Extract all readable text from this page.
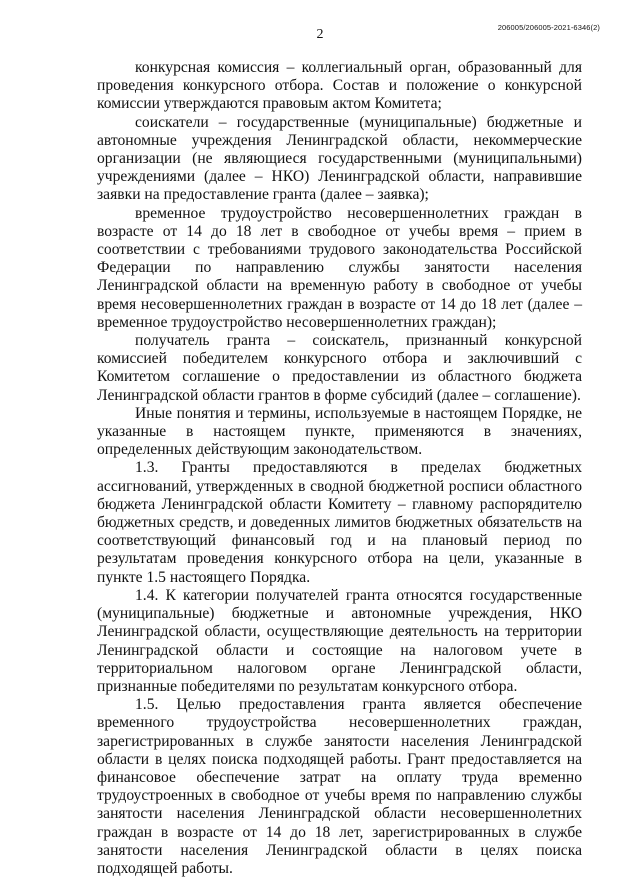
2	206005/206005-2021-6346(2)

конкурсная комиссия – коллегиальный орган, образованный для проведения конкурсного отбора. Состав и положение о конкурсной комиссии утверждаются правовым актом Комитета;

соискатели – государственные (муниципальные) бюджетные и автономные учреждения Ленинградской области, некоммерческие организации (не являющиеся государственными (муниципальными) учреждениями (далее – НКО) Ленинградской области, направившие заявки на предоставление гранта (далее – заявка);

временное трудоустройство несовершеннолетних граждан в возрасте от 14 до 18 лет в свободное от учебы время – прием в соответствии с требованиями трудового законодательства Российской Федерации по направлению службы занятости населения Ленинградской области на временную работу в свободное от учебы время несовершеннолетних граждан в возрасте от 14 до 18 лет (далее – временное трудоустройство несовершеннолетних граждан);

получатель гранта – соискатель, признанный конкурсной комиссией победителем конкурсного отбора и заключивший с Комитетом соглашение о предоставлении из областного бюджета Ленинградской области грантов в форме субсидий (далее – соглашение).

Иные понятия и термины, используемые в настоящем Порядке, не указанные в настоящем пункте, применяются в значениях, определенных действующим законодательством.

1.3. Гранты предоставляются в пределах бюджетных ассигнований, утвержденных в сводной бюджетной росписи областного бюджета Ленинградской области Комитету – главному распорядителю бюджетных средств, и доведенных лимитов бюджетных обязательств на соответствующий финансовый год и на плановый период по результатам проведения конкурсного отбора на цели, указанные в пункте 1.5 настоящего Порядка.

1.4. К категории получателей гранта относятся государственные (муниципальные) бюджетные и автономные учреждения, НКО Ленинградской области, осуществляющие деятельность на территории Ленинградской области и состоящие на налоговом учете в территориальном налоговом органе Ленинградской области, признанные победителями по результатам конкурсного отбора.

1.5. Целью предоставления гранта является обеспечение временного трудоустройства несовершеннолетних граждан, зарегистрированных в службе занятости населения Ленинградской области в целях поиска подходящей работы. Грант предоставляется на финансовое обеспечение затрат на оплату труда временно трудоустроенных в свободное от учебы время по направлению службы занятости населения Ленинградской области несовершеннолетних граждан в возрасте от 14 до 18 лет, зарегистрированных в службе занятости населения Ленинградской области в целях поиска подходящей работы.
